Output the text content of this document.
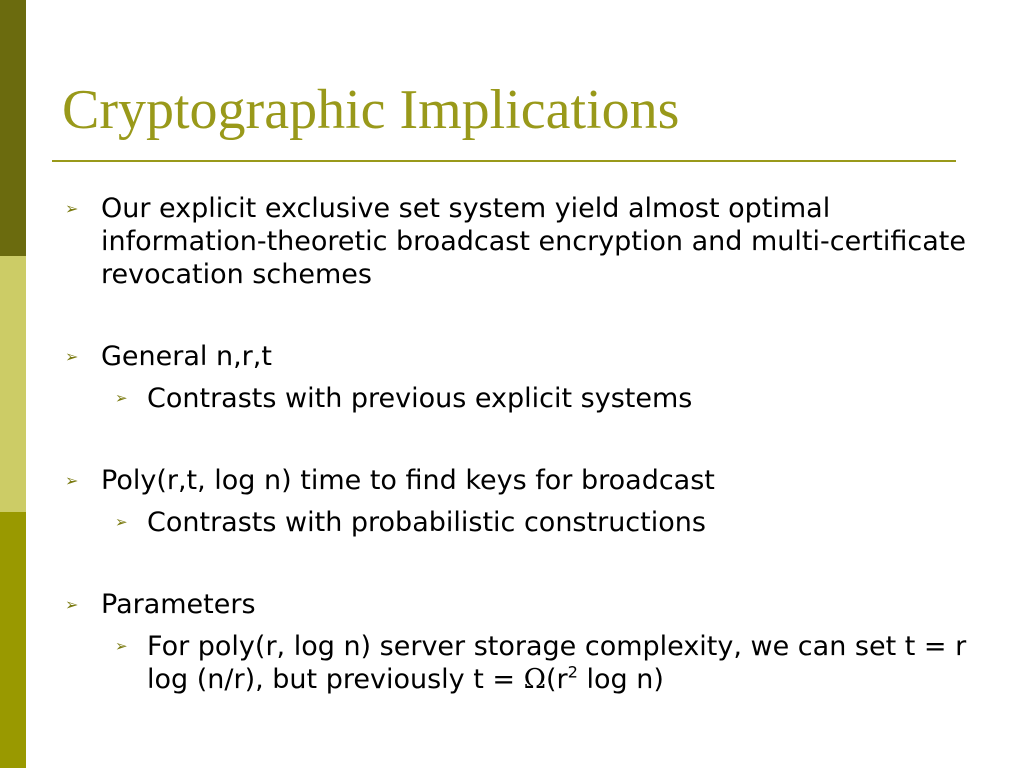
Cryptographic Implications
➢ Our explicit exclusive set system yield almost optimal information-theoretic broadcast encryption and multi-certificate revocation schemes
➢ General n,r,t
➢ Contrasts with previous explicit systems
➢ Poly(r,t, log n) time to find keys for broadcast
➢ Contrasts with probabilistic constructions
➢ Parameters
➢ For poly(r, log n) server storage complexity, we can set t = r log (n/r), but previously $t = \Omega(r^2$ log n)
